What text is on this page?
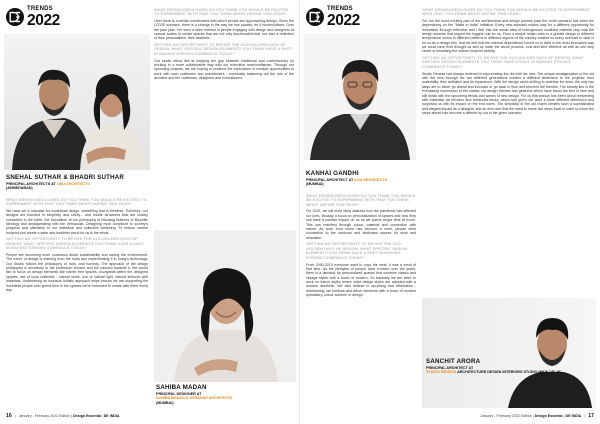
TRENDS
2022
SNEHAL SUTHAR & BHADRI SUTHAR
PRINCIPAL ARCHITECTS AT OBO ARCHITECTS
(AHMEDABAD)
WHAT DESIGN IDEOLOGIES DO YOU THINK YOU WOULD BE EXCITED TO EXPERIMENT WITH THAT YOU THINK MIGHT DEFINE THIS YEAR?

We have set a mandate for contextual design, something that is timeless. Therefore, our designs are founded in simplicity and clarity... and create structures that are closely connected to the earth, the foundation of our philosophy is following features of Biophilic ideology and amalgamating with the Vernacular. Designing must contribute to society's progress and ultimately to our individual and collective wellbeing. To reduce carbon footprint and create a safer and healthier world for us is the ethos.

GETTING AN OPPORTUNITY TO REVIVE THE OLD-GOLDEN DAYS OF DESIGN, WHAT SPECIFIC DESIGN ELEMENTS YOU THINK HAVE A SHOT IN MAKING STRONG COMEBACK TODAY?

People are becoming more conscious about sustainability and saving the environment. The future of design is learning from the roots and implementing it in today's technology. Our Studio follows the philosophy of truth, and honesty. The approach of the design philosophy is sensitivity to the profession chosen and the passion towards it. We would like to focus on design elements like barrier free spaces, courtyards within the designed spaces, use of local materials - natural stone, use of natural light, natural textures with materials. Undertaking an inclusive holistic approach helps ensure we are supporting the incredible people who spend time in the spaces we're honoured to create with them every day.

WHAT DESIGN IDEOLOGIES DO YOU THINK YOU WOULD BE EXCITED TO EXPERIMENT WITH THAT YOU THINK MIGHT DEFINE THIS YEAR?

I feel there is a certain mindfulness with which people are approaching design. Given the COVID scenario, there is a change in the way we use spaces, be it homes/offices. Over the past year, I've seen a keen interest in people engaging with design and designers at various scales to create spaces that are not only functional/clinical, but also a reflection of their personalities, their aesthetic.

GETTING AN OPPORTUNITY TO REVIVE THE OLD-GOLDEN DAYS OF DESIGN, WHAT SPECIFIC DESIGN ELEMENTS YOU THINK HAVE A SHOT IN MAKING STRONG COMEBACK TODAY?

Our studio ethos lies at bridging the gap between traditional and contemporary by working in a more collaborative way with our execution team/craftsmen. Through our upcoming projects, we are hoping to continue the exploration of multiple opportunities to work with such craftsmen and practitioners - eventually balancing out the role of the architect and the craftsman, designers and executioners.

SAHIBA MADAN
PRINCIPAL DESIGNER AT
SAHIBA MADAN & SARANSH ARCHITECTS
(MUMBAI)
16 | January - February 2022 Edition | Design Essentia | DE INDIA
TRENDS
2022
KANHAI GANDHI
PRINCIPAL ARCHITECT AT KGA ARCHITECTS
(MUMBAI)
WHAT DESIGN IDEOLOGIES DO YOU THINK YOU WOULD BE EXCITED TO EXPERIMENT WITH THAT YOU THINK MIGHT DEFINE THIS YEAR?

For 2022, we will most likely address how the pandemic has affected our lives. Broadly a focus on personalization of spaces and how they can have a positive impact on us as we spend longer time at home. This can manifest through colour, material and connection with nature. As work from home has become a norm, people seek connection to the outdoors and dedicated spaces for work and relaxation.

GETTING AN OPPORTUNITY TO REVIVE THE OLD-GOLDEN DAYS OF DESIGN, WHAT SPECIFIC DESIGN ELEMENTS YOU THINK HAVE A SHOT IN MAKING STRONG COMEBACK TODAY?

From 2000-2010 everyone used to copy the west, it was a trend of that time. As the lifestyles of people have evolved over the years, there is a demand for personalized spaces that combine classic and vintage styles with a touch of modern. So basically we are keen to work on fusion styles where older design styles are adopted with a modern aesthetic. We also believe in upcycling and restoration - refurbishing old furniture and décor elements with a touch of modern upholstery, colour scheme or design.

WHAT DESIGN IDEOLOGIES DO YOU THINK YOU WOULD BE EXCITED TO EXPERIMENT WITH THAT YOU THINK MIGHT DEFINE THIS YEAR?

For me the most exciting part of the architectural and design journey past the covid scenario has been the dependency on the "Make in India" initiative. Every new scenario makes way for a different opportunity for innovation through reflection and I feel that the whole idea of homogenous localized material play was the design scheme that played the biggest role for us. From a simple Indian brick to a granite design to different temperature colors to different patterns in different regions of the country created so many avenues to deal in for us as a design firm, that we feel that the internal dependency forced us to think in the most innovative way we could have ever thought as well as make the whole process, cost and time effective as well as one step closer to lessening the carbon footprint activity.

GETTING AN OPPORTUNITY TO REVIVE THE OLD-GOLDEN DAYS OF DESIGN, WHAT SPECIFIC DESIGN ELEMENTS YOU THINK HAVE A SHOT IN MAKING STRONG COMEBACK TODAY?

Studio Renesa has always believed in rejuvenating the old with the new. The unique amalgamation of the old with the new through the two different generations creates a different dimension to the projects; their materiality, their definition and its experience. With the design world shifting to redefine the lines, the only two ways are to either go ahead and innovate or go back in time and reinvent the themes. The beauty lies in the everlasting impression of the classic old design themes and gestures which have stood the test of time and still break with the upcoming trends and waves of new design. For us this season has been about reinventing with materials via terrazzo and terracotta bricks, which has given our work a more different dimension and surprised us with its impact on the end users. The simplicity of the old charm creates such a sophisticated and elegant impact as a designer and an end user that the need to move two steps back in order to move ten steps ahead has become a definite try out in the given scenario.

SANCHIT ARORA
PRINCIPAL ARCHITECT AT
STUDIO RENESA ARCHITECTURE DESIGN INTERIORS STUDIO (NEW DELHI)
January - February 2022 Edition | Design Essentia | DE INDIA | 17
